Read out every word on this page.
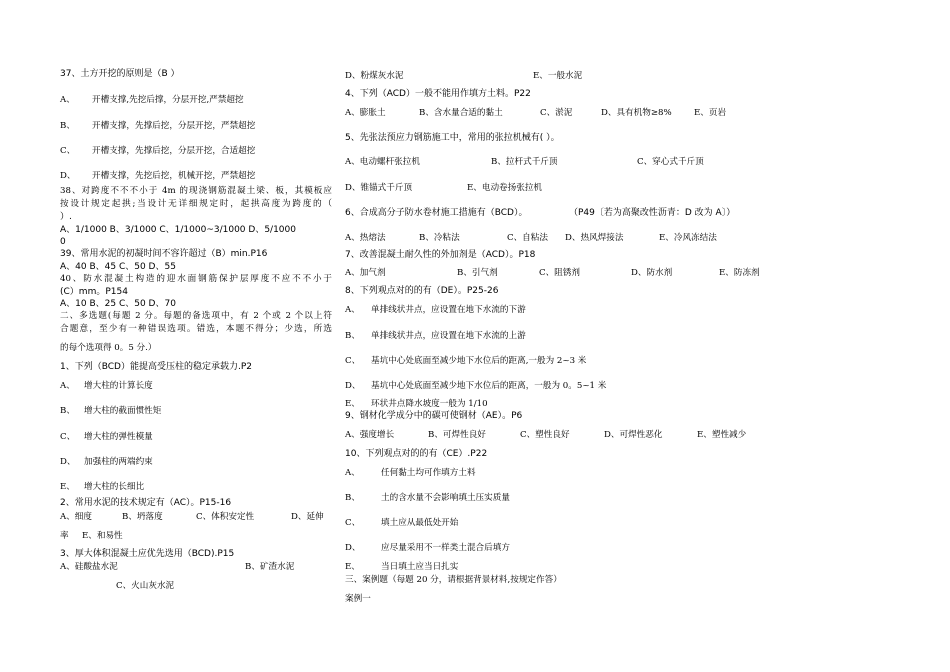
37、土方开挖的原则是（B ）
A、 开槽支撑,先挖后撑，分层开挖,严禁超挖
B、 开槽支撑，先撑后挖，分层开挖，严禁超挖
C、 开槽支撑，先撑后挖，分层开挖，合适超挖
D、 开槽支撑，先挖后挖，机械开挖，严禁超挖
38、对跨度不不不小于 4m 的现浇钢筋混凝土梁、板，其模板应
按设计规定起拱;当设计无详细规定时，起拱高度为跨度的（
）.
A、1/1000 B、3/1000 C、1/1000~3/1000 D、5/1000
0
39、常用水泥的初凝时间不容许超过（B）min.P16
A、40 B、45 C、50 D、55
40、防水混凝土构造的迎水面钢筋保护层厚度不应不不小于
(C）mm。P154
A、10 B、25 C、50 D、70
二、多选题(每题 2 分。每题的备选项中，有 2 个或 2 个以上符
合题意，至少有一种错误选项。错选，本题不得分；少选，所选
的每个选项得 0。5 分.）
1、下列（BCD）能提高受压柱的稳定承载力.P2
A、 增大柱的计算长度
B、 增大柱的截面惯性矩
C、 增大柱的弹性模量
D、 加强柱的两端约束
E、 增大柱的长细比
2、常用水泥的技术规定有（AC）。P15-16
A、细度	B、坍落度	C、体积安定性	D、延伸
率 E、和易性
3、厚大体积混凝土应优先选用（BCD).P15
A、硅酸盐水泥	B、矿渣水泥
C、火山灰水泥
D、粉煤灰水泥	E、一般水泥
4、下列（ACD）一般不能用作填方土料。P22
A、膨胀土	B、含水量合适的黏土	C、淤泥	D、具有机物≥8%	E、页岩
5、先张法预应力钢筋施工中，常用的张拉机械有( ）。
A、电动螺杆张拉机	B、拉杆式千斤顶	C、穿心式千斤顶
D、锥锚式千斤顶	E、电动卷扬张拉机
6、合成高分子防水卷材施工措施有（BCD）。	（P49〔若为高聚改性沥青：D 改为 A〕）
A、热熔法	B、冷粘法	C、自粘法 D、热风焊接法	E、冷风冻结法
7、改善混凝土耐久性的外加剂是（ACD）。P18
A、加气剂	B、引气剂	C、阻锈剂	D、防水剂	E、防冻剂
8、下列观点对的的有（DE）。P25-26
A、 单排线状井点，应设置在地下水流的下游
B、 单排线状井点，应设置在地下水流的上游
C、 基坑中心处底面至减少地下水位后的距离,一般为 2~3 米
D、 基坑中心处底面至减少地下水位后的距离，一般为 0。5~1 米
E、 环状井点降水坡度一般为 1/10
9、钢材化学成分中的碳可使钢材（AE）。P6
A、强度增长	B、可焊性良好	C、塑性良好	D、可焊性恶化	E、塑性减少
10、下列观点对的的有（CE）.P22
A、 任何黏土均可作填方土料
B、 土的含水量不会影响填土压实质量
C、 填土应从最低处开始
D、 应尽量采用不一样类土混合后填方
E、 当日填土应当日扎实
三、案例题（每题 20 分，请根据背景材料,按规定作答）
案例一
